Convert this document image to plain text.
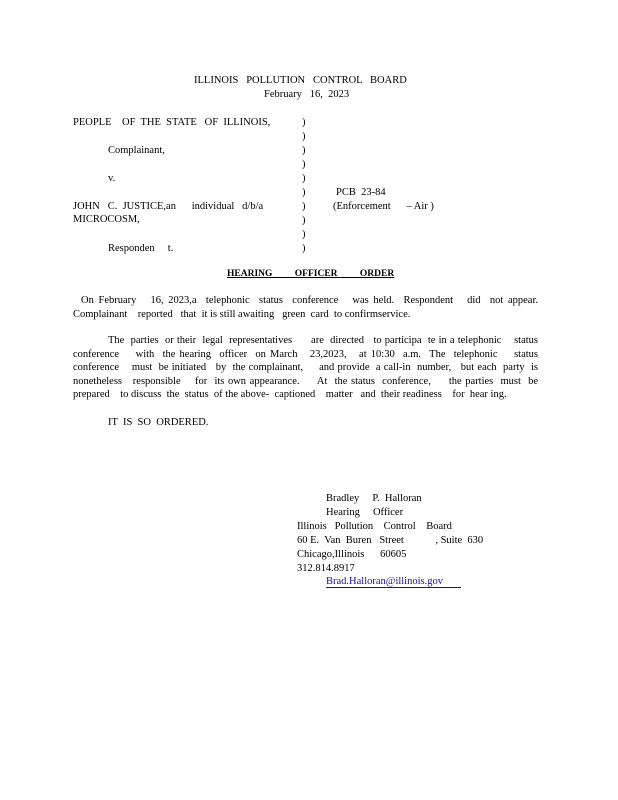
ILLINOIS   POLLUTION   CONTROL   BOARD
February   16,  2023
PEOPLE    OF  THE  STATE   OF  ILLINOIS,
Complainant,
v.
JOHN   C.  JUSTICE,an      individual   d/b/a
MICROCOSM,
Responden     t.
)
)
)
)
)
)
)
)
)
)
PCB  23-84
(Enforcement      – Air )
HEARING OFFICER ORDER
On February   16, 2023,a  telephonic  status  conference   was held.  Respondent   did  not appear.   Complainant    reported   that  it is still awaiting   green  card  to confirmservice.
The  parties  or their  legal  representatives      are  directed   to participa  te in a telephonic    status conference    with  the hearing  officer  on March   23,2023,   at 10:30  a.m.  The  telephonic    status conference    must  be initiated   by  the complainant,     and provide  a call-in  number,   but each  party  is nonetheless   responsible    for  its own appearance.     At  the status  conference,     the parties  must  be prepared    to discuss  the  status  of the above-  captioned    matter   and  their readiness    for  hear ing.
IT  IS  SO  ORDERED.
Bradley     P.  Halloran
Hearing     Officer
Illinois   Pollution    Control    Board
60 E.  Van  Buren   Street            , Suite  630
Chicago,Illinois      60605
312.814.8917
Brad.Halloran@illinois.gov
